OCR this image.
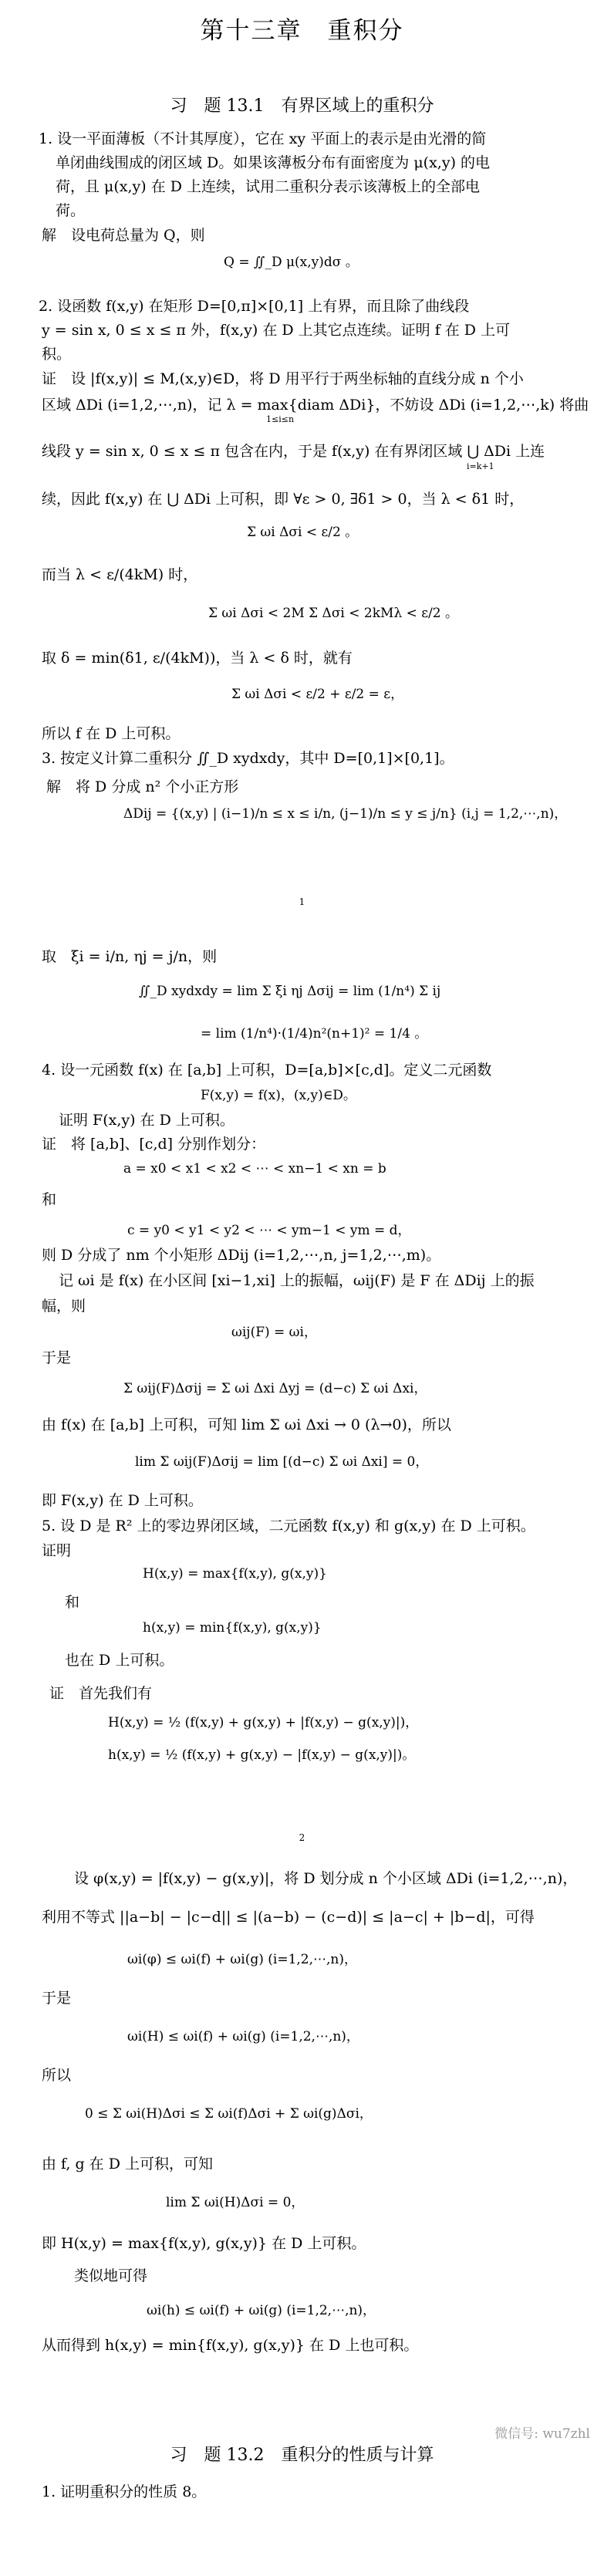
第十三章　重积分
习　题 13.1　有界区域上的重积分
1. 设一平面薄板（不计其厚度），它在 xy 平面上的表示是由光滑的简
单闭曲线围成的闭区域 D。如果该薄板分布有面密度为 μ(x,y) 的电
荷，且 μ(x,y) 在 D 上连续，试用二重积分表示该薄板上的全部电
荷。
解　设电荷总量为 Q，则
Q = ∬_D μ(x,y)dσ 。
2. 设函数 f(x,y) 在矩形 D=[0,π]×[0,1] 上有界，而且除了曲线段
y = sin x, 0 ≤ x ≤ π 外，f(x,y) 在 D 上其它点连续。证明 f 在 D 上可
积。
证　设 |f(x,y)| ≤ M,(x,y)∈D，将 D 用平行于两坐标轴的直线分成 n 个小
区域 ΔDi (i=1,2,⋯,n)，记 λ = max{diam ΔDi}，不妨设 ΔDi (i=1,2,⋯,k) 将曲
1≤i≤n
线段 y = sin x, 0 ≤ x ≤ π 包含在内，于是 f(x,y) 在有界闭区域 ⋃ ΔDi 上连
i=k+1
续，因此 f(x,y) 在 ⋃ ΔDi 上可积，即 ∀ε > 0, ∃δ1 > 0，当 λ < δ1 时，
Σ ωi Δσi < ε/2 。
而当 λ < ε/(4kM) 时，
Σ ωi Δσi < 2M Σ Δσi < 2kMλ < ε/2 。
取 δ = min(δ1, ε/(4kM))，当 λ < δ 时，就有
Σ ωi Δσi < ε/2 + ε/2 = ε，
所以 f 在 D 上可积。
3. 按定义计算二重积分 ∬_D xydxdy，其中 D=[0,1]×[0,1]。
解　将 D 分成 n² 个小正方形
ΔDij = {(x,y) | (i−1)/n ≤ x ≤ i/n, (j−1)/n ≤ y ≤ j/n} (i,j = 1,2,⋯,n)，
1
取　ξi = i/n, ηj = j/n，则
∬_D xydxdy = lim Σ ξi ηj Δσij = lim (1/n⁴) Σ ij
= lim (1/n⁴)·(1/4)n²(n+1)² = 1/4 。
4. 设一元函数 f(x) 在 [a,b] 上可积，D=[a,b]×[c,d]。定义二元函数
F(x,y) = f(x)，(x,y)∈D。
证明 F(x,y) 在 D 上可积。
证　将 [a,b]、[c,d] 分别作划分：
a = x0 < x1 < x2 < ⋯ < xn−1 < xn = b
和
c = y0 < y1 < y2 < ⋯ < ym−1 < ym = d，
则 D 分成了 nm 个小矩形 ΔDij (i=1,2,⋯,n, j=1,2,⋯,m)。
记 ωi 是 f(x) 在小区间 [xi−1,xi] 上的振幅，ωij(F) 是 F 在 ΔDij 上的振
幅，则
ωij(F) = ωi，
于是
Σ ωij(F)Δσij = Σ ωi Δxi Δyj = (d−c) Σ ωi Δxi，
由 f(x) 在 [a,b] 上可积，可知 lim Σ ωi Δxi → 0 (λ→0)，所以
lim Σ ωij(F)Δσij = lim [(d−c) Σ ωi Δxi] = 0，
即 F(x,y) 在 D 上可积。
5. 设 D 是 R² 上的零边界闭区域，二元函数 f(x,y) 和 g(x,y) 在 D 上可积。
证明
H(x,y) = max{f(x,y), g(x,y)}
和
h(x,y) = min{f(x,y), g(x,y)}
也在 D 上可积。
证　首先我们有
H(x,y) = ½ (f(x,y) + g(x,y) + |f(x,y) − g(x,y)|)，
h(x,y) = ½ (f(x,y) + g(x,y) − |f(x,y) − g(x,y)|)。
2
设 φ(x,y) = |f(x,y) − g(x,y)|，将 D 划分成 n 个小区域 ΔDi (i=1,2,⋯,n)，
利用不等式 ||a−b| − |c−d|| ≤ |(a−b) − (c−d)| ≤ |a−c| + |b−d|，可得
ωi(φ) ≤ ωi(f) + ωi(g) (i=1,2,⋯,n)，
于是
ωi(H) ≤ ωi(f) + ωi(g) (i=1,2,⋯,n)，
所以
0 ≤ Σ ωi(H)Δσi ≤ Σ ωi(f)Δσi + Σ ωi(g)Δσi，
由 f, g 在 D 上可积，可知
lim Σ ωi(H)Δσi = 0，
即 H(x,y) = max{f(x,y), g(x,y)} 在 D 上可积。
类似地可得
ωi(h) ≤ ωi(f) + ωi(g) (i=1,2,⋯,n)，
从而得到 h(x,y) = min{f(x,y), g(x,y)} 在 D 上也可积。
习　题 13.2　重积分的性质与计算
1. 证明重积分的性质 8。
微信号: wu7zhl
